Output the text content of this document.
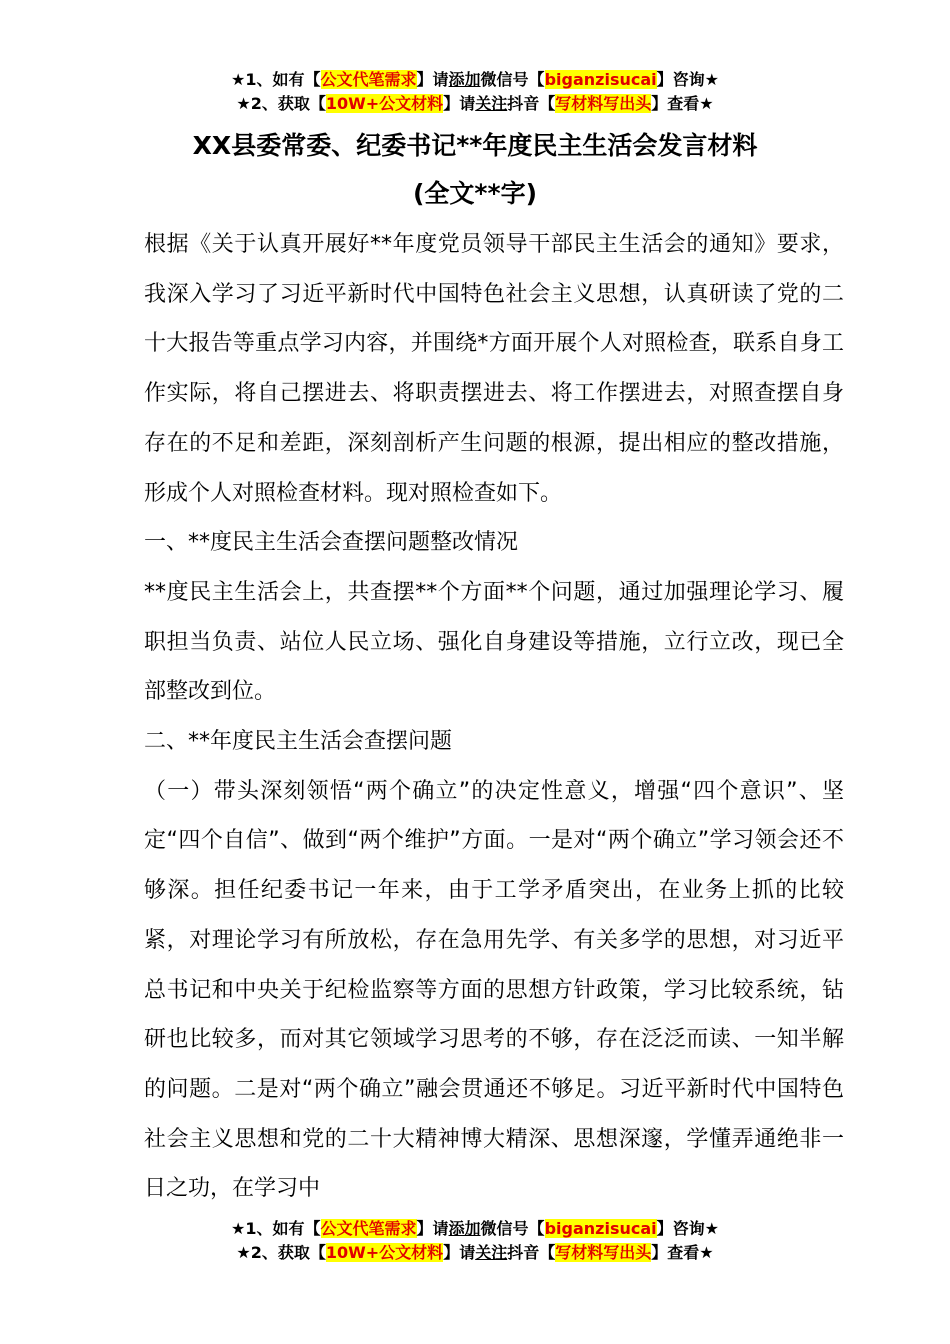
★1、如有【公文代笔需求】请添加微信号【biganzisucai】咨询★
★2、获取【10W+公文材料】请关注抖音【写材料写出头】查看★
XX县委常委、纪委书记**年度民主生活会发言材料
(全文**字)

根据《关于认真开展好**年度党员领导干部民主生活会的通知》要求，我深入学习了习近平新时代中国特色社会主义思想，认真研读了党的二十大报告等重点学习内容，并围绕*方面开展个人对照检查，联系自身工作实际，将自己摆进去、将职责摆进去、将工作摆进去，对照查摆自身存在的不足和差距，深刻剖析产生问题的根源，提出相应的整改措施，形成个人对照检查材料。现对照检查如下。

一、**度民主生活会查摆问题整改情况

**度民主生活会上，共查摆**个方面**个问题，通过加强理论学习、履职担当负责、站位人民立场、强化自身建设等措施，立行立改，现已全部整改到位。

二、**年度民主生活会查摆问题

（一）带头深刻领悟“两个确立”的决定性意义，增强“四个意识”、坚定“四个自信”、做到“两个维护”方面。一是对“两个确立”学习领会还不够深。担任纪委书记一年来，由于工学矛盾突出，在业务上抓的比较紧，对理论学习有所放松，存在急用先学、有关多学的思想，对习近平总书记和中央关于纪检监察等方面的思想方针政策，学习比较系统，钻研也比较多，而对其它领域学习思考的不够，存在泛泛而读、一知半解的问题。二是对“两个确立”融会贯通还不够足。习近平新时代中国特色社会主义思想和党的二十大精神博大精深、思想深邃，学懂弄通绝非一日之功，在学习中

★1、如有【公文代笔需求】请添加微信号【biganzisucai】咨询★
★2、获取【10W+公文材料】请关注抖音【写材料写出头】查看★
